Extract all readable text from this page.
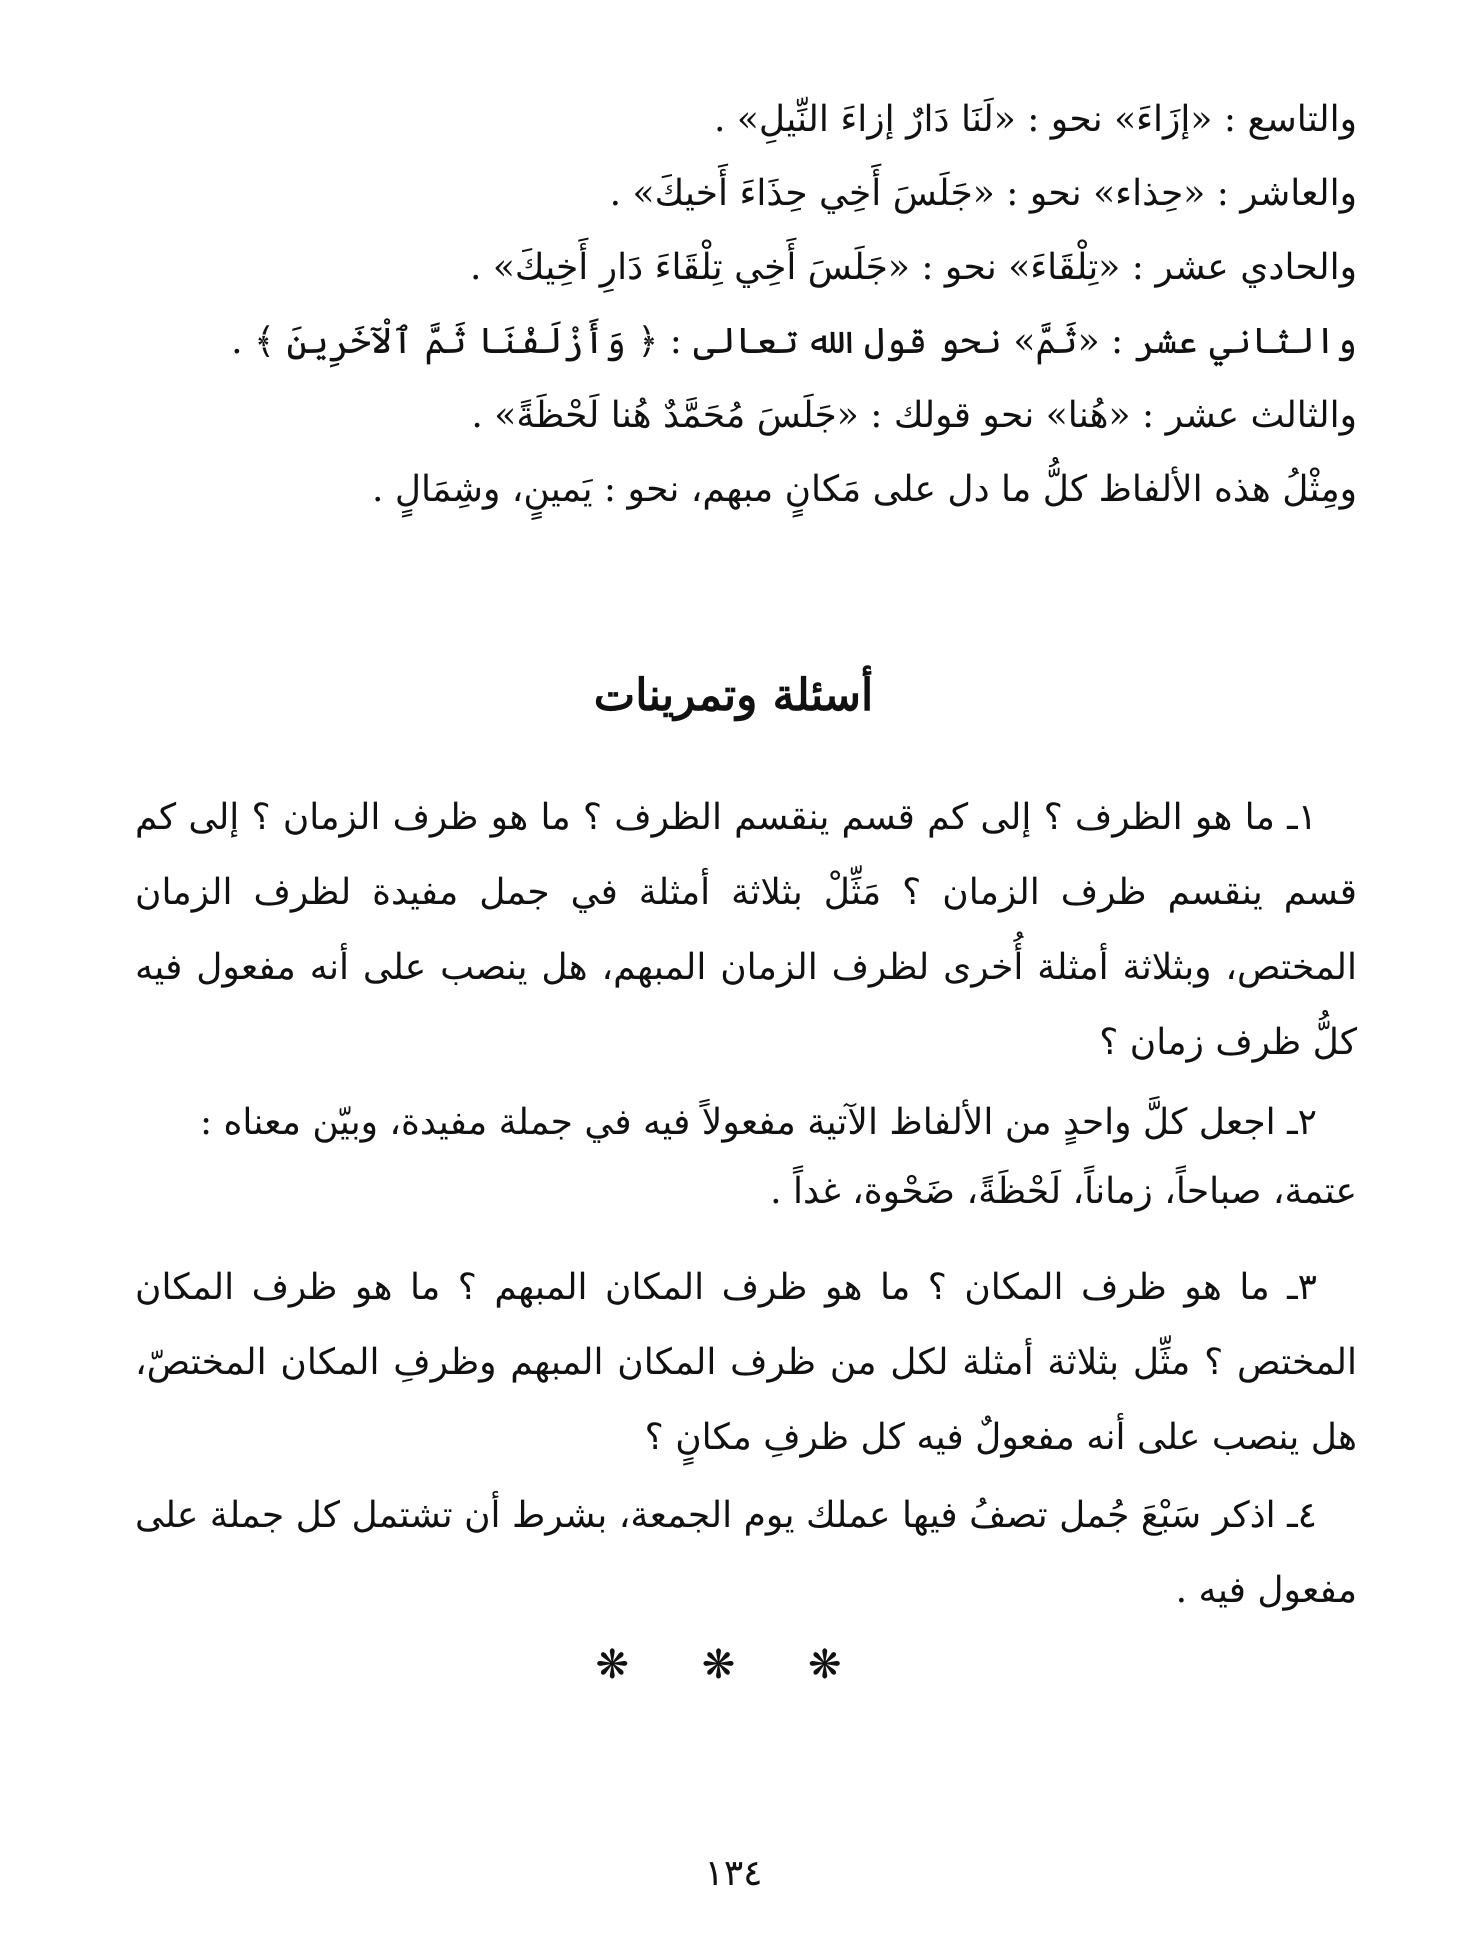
والتاسع : «إزَاءَ» نحو : «لَنَا دَارٌ إزاءَ النِّيلِ» .
والعاشر : «حِذاء» نحو : «جَلَسَ أَخِي حِذَاءَ أَخيكَ» .
والحادي عشر : «تِلْقَاءَ» نحو : «جَلَسَ أَخِي تِلْقَاءَ دَارِ أَخِيكَ» .
والثاني عشر : «ثَمَّ» نحو قول الله تعالى : ﴿ وَأَزْلَفْنَا ثَمَّ ٱلْآخَرِينَ ﴾ .
والثالث عشر : «هُنا» نحو قولك : «جَلَسَ مُحَمَّدٌ هُنا لَحْظَةً» .
ومِثْلُ هذه الألفاظ كلُّ ما دل على مَكانٍ مبهم، نحو : يَمينٍ، وشِمَالٍ .
أسئلة وتمرينات
١ـ ما هو الظرف ؟ إلى كم قسم ينقسم الظرف ؟ ما هو ظرف الزمان ؟ إلى كم قسم ينقسم ظرف الزمان ؟ مَثِّلْ بثلاثة أمثلة في جمل مفيدة لظرف الزمان المختص، وبثلاثة أمثلة أُخرى لظرف الزمان المبهم، هل ينصب على أنه مفعول فيه كلُّ ظرف زمان ؟
٢ـ اجعل كلَّ واحدٍ من الألفاظ الآتية مفعولاً فيه في جملة مفيدة، وبيّن معناه :
عتمة، صباحاً، زماناً، لَحْظَةً، ضَحْوة، غداً .
٣ـ ما هو ظرف المكان ؟ ما هو ظرف المكان المبهم ؟ ما هو ظرف المكان المختص ؟ مثِّل بثلاثة أمثلة لكل من ظرف المكان المبهم وظرفِ المكان المختصّ، هل ينصب على أنه مفعولٌ فيه كل ظرفِ مكانٍ ؟
٤ـ اذكر سَبْعَ جُمل تصفُ فيها عملك يوم الجمعة، بشرط أن تشتمل كل جملة على مفعول فيه .
❋ ❋ ❋
١٣٤
